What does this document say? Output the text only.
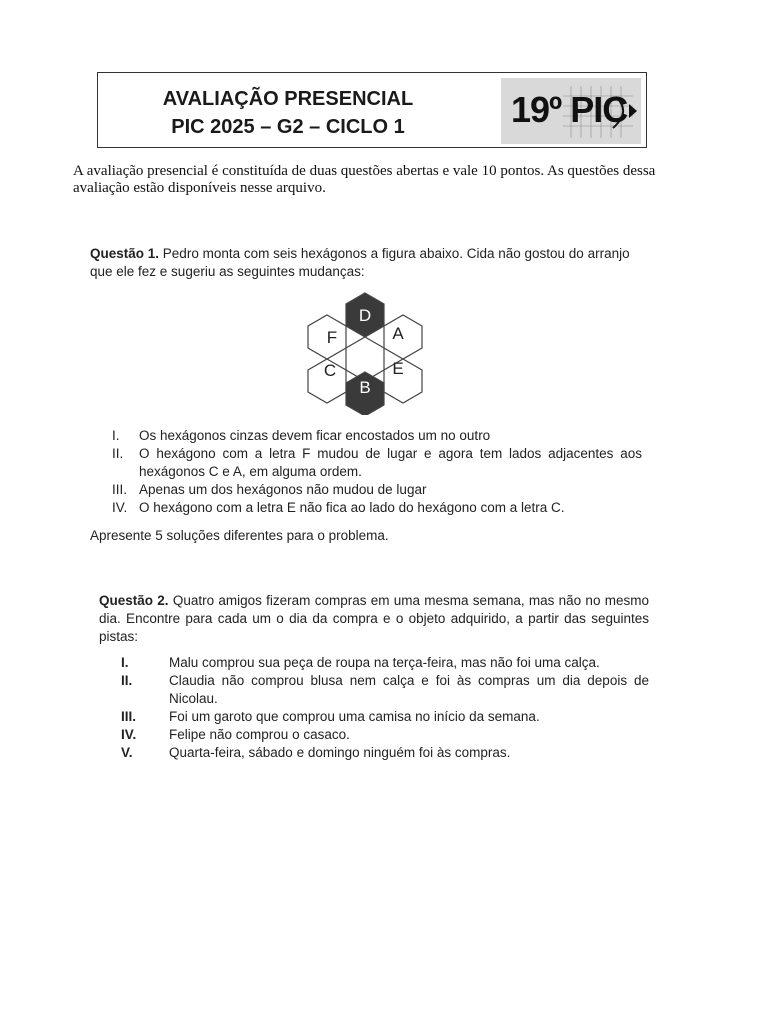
AVALIAÇÃO PRESENCIAL
PIC 2025 – G2 – CICLO 1	19º PIC
A avaliação presencial é constituída de duas questões abertas e vale 10 pontos. As questões dessa avaliação estão disponíveis nesse arquivo.
Questão 1. Pedro monta com seis hexágonos a figura abaixo. Cida não gostou do arranjo que ele fez e sugeriu as seguintes mudanças:
D
F	A
C	E
B
I. Os hexágonos cinzas devem ficar encostados um no outro
II. O hexágono com a letra F mudou de lugar e agora tem lados adjacentes aos hexágonos C e A, em alguma ordem.
III. Apenas um dos hexágonos não mudou de lugar
IV. O hexágono com a letra E não fica ao lado do hexágono com a letra C.
Apresente 5 soluções diferentes para o problema.
Questão 2. Quatro amigos fizeram compras em uma mesma semana, mas não no mesmo dia. Encontre para cada um o dia da compra e o objeto adquirido, a partir das seguintes pistas:
I.	Malu comprou sua peça de roupa na terça-feira, mas não foi uma calça.
II.	Claudia não comprou blusa nem calça e foi às compras um dia depois de Nicolau.
III. Foi um garoto que comprou uma camisa no início da semana.
IV. Felipe não comprou o casaco.
V.	Quarta-feira, sábado e domingo ninguém foi às compras.
